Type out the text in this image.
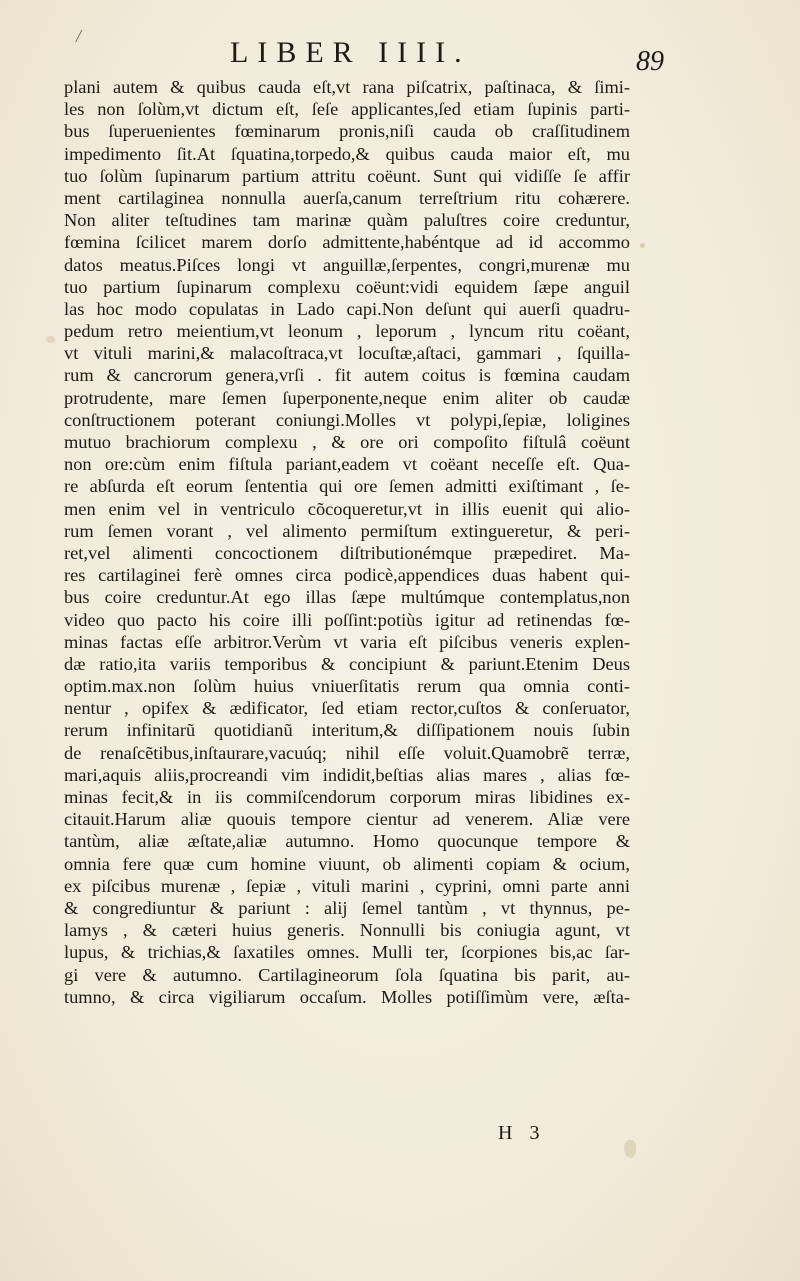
/	LIBER IIII.	89
plani autem & quibus cauda eſt,vt rana piſcatrix, paſtinaca, & ſimi-
les non ſolùm,vt dictum eſt, ſeſe applicantes,ſed etiam ſupinis parti-
bus ſuperuenientes fœminarum pronis,niſi cauda ob craſſitudinem
impedimento ſit.At ſquatina,torpedo,& quibus cauda maior eſt, mu
tuo ſolùm ſupinarum partium attritu coëunt. Sunt qui vidiſſe ſe affir
ment cartilaginea nonnulla auerſa,canum terreſtrium ritu cohærere.
Non aliter teſtudines tam marinæ quàm paluſtres coire creduntur,
fœmina ſcilicet marem dorſo admittente,habéntque ad id accommo
datos meatus.Piſces longi vt anguillæ,ſerpentes, congri,murenæ mu
tuo partium ſupinarum complexu coëunt:vidi equidem ſæpe anguil
las hoc modo copulatas in Lado capi.Non deſunt qui auerſi quadru-
pedum retro meientium,vt leonum , leporum , lyncum ritu coëant,
vt vituli marini,& malacoſtraca,vt locuſtæ,aſtaci, gammari , ſquilla-
rum & cancrorum genera,vrſi . fit autem coitus is fœmina caudam
protrudente, mare ſemen ſuperponente,neque enim aliter ob caudæ
conſtructionem poterant coniungi.Molles vt polypi,ſepiæ, loligines
mutuo brachiorum complexu , & ore ori compoſito fiſtulâ coëunt
non ore:cùm enim fiſtula pariant,eadem vt coëant neceſſe eſt. Qua-
re abſurda eſt eorum ſententia qui ore ſemen admitti exiſtimant , ſe-
men enim vel in ventriculo cõcoqueretur,vt in illis euenit qui alio-
rum ſemen vorant , vel alimento permiſtum extingueretur, & peri-
ret,vel alimenti concoctionem diſtributionémque præpediret. Ma-
res cartilaginei ferè omnes circa podicè,appendices duas habent qui-
bus coire creduntur.At ego illas ſæpe multúmque contemplatus,non
video quo pacto his coire illi poſſint:potiùs igitur ad retinendas fœ-
minas factas eſſe arbitror.Verùm vt varia eſt piſcibus veneris explen-
dæ ratio,ita variis temporibus & concipiunt & pariunt.Etenim Deus
optim.max.non ſolùm huius vniuerſitatis rerum qua omnia conti-
nentur , opifex & ædificator, ſed etiam rector,cuſtos & conſeruator,
rerum infinitarũ quotidianũ interitum,& diſſipationem nouis ſubin
de renaſcẽtibus,inſtaurare,vacuúq; nihil eſſe voluit.Quamobrẽ terræ,
mari,aquis aliis,procreandi vim indidit,beſtias alias mares , alias fœ-
minas fecit,& in iis commiſcendorum corporum miras libidines ex-
citauit.Harum aliæ quouis tempore cientur ad venerem. Aliæ vere
tantùm, aliæ æſtate,aliæ autumno. Homo quocunque tempore &
omnia fere quæ cum homine viuunt, ob alimenti copiam & ocium,
ex piſcibus murenæ , ſepiæ , vituli marini , cyprini, omni parte anni
& congrediuntur & pariunt : alij ſemel tantùm , vt thynnus, pe-
lamys , & cæteri huius generis. Nonnulli bis coniugia agunt, vt
lupus, & trichias,& ſaxatiles omnes. Mulli ter, ſcorpiones bis,ac ſar-
gi vere & autumno. Cartilagineorum ſola ſquatina bis parit, au-
tumno, & circa vigiliarum occaſum. Molles potiſſimùm vere, æſta-
H 3
